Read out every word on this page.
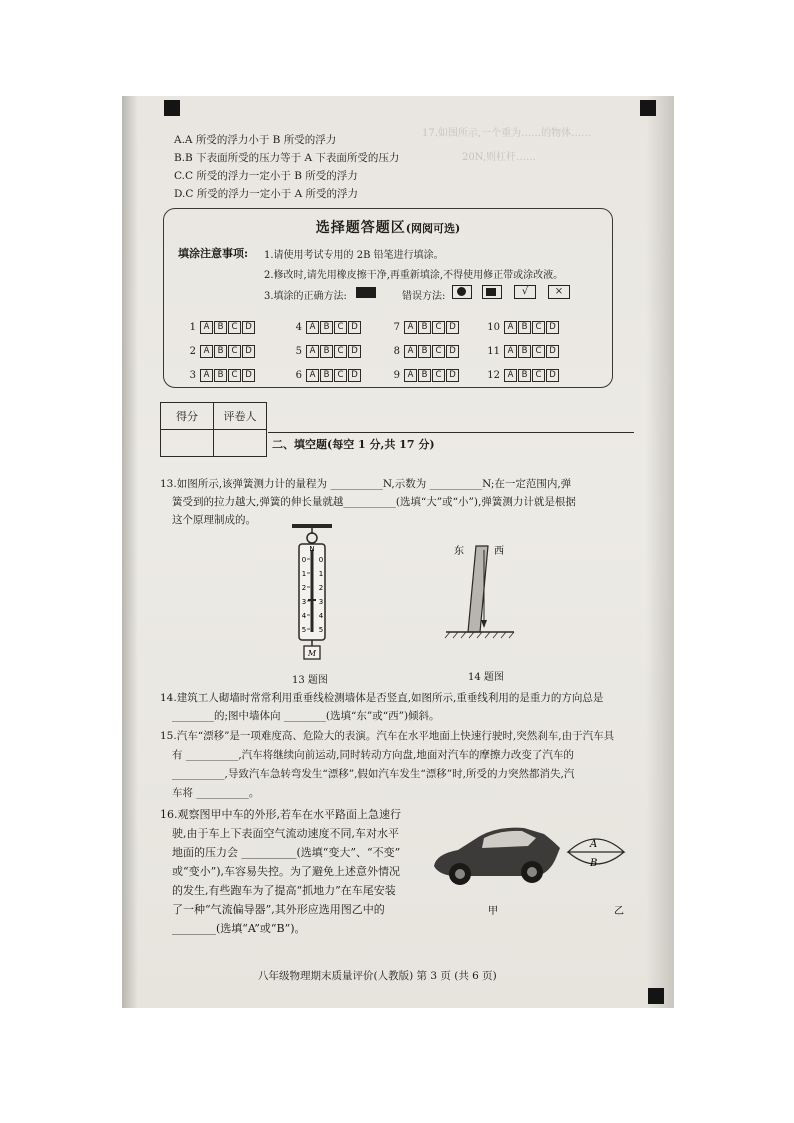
17.如图所示,一个重为……的物体……
20N,则杠杆……
A.A 所受的浮力小于 B 所受的浮力
B.B 下表面所受的压力等于 A 下表面所受的压力
C.C 所受的浮力一定小于 B 所受的浮力
D.C 所受的浮力一定小于 A 所受的浮力
选择题答题区(网阅可选)
填涂注意事项: 1.请使用考试专用的 2B 铅笔进行填涂。
2.修改时,请先用橡皮擦干净,再重新填涂,不得使用修正带或涂改液。
3.填涂的正确方法:	错误方法:	√	×
1 A B C D
2 A B C D
3 A B C D
4 A B C D
5 A B C D
6 A B C D
7 A B C D
8 A B C D
9 A B C D
10 A B C D
11 A B C D
12 A B C D
得分	评卷人

二、填空题(每空 1 分,共 17 分)
13.如图所示,该弹簧测力计的量程为 __________N,示数为 __________N;在一定范围内,弹
簧受到的拉力越大,弹簧的伸长量就越__________(选填“大”或“小”),弹簧测力计就是根据
这个原理制成的。
N
0 0
1 1
2 2
3 3
4 4
5 5
M
13 题图
东	西
14 题图
14.建筑工人砌墙时常常利用重垂线检测墙体是否竖直,如图所示,重垂线利用的是重力的方向总是
________的;图中墙体向 ________(选填“东”或“西”)倾斜。
15.汽车“漂移”是一项难度高、危险大的表演。汽车在水平地面上快速行驶时,突然刹车,由于汽车具
有 __________,汽车将继续向前运动,同时转动方向盘,地面对汽车的摩擦力改变了汽车的
__________,导致汽车急转弯发生“漂移”,假如汽车发生“漂移”时,所受的力突然都消失,汽
车将 __________。
16.观察图甲中车的外形,若车在水平路面上急速行
驶,由于车上下表面空气流动速度不同,车对水平
地面的压力会 __________(选填“变大”、“不变”
或“变小”),车容易失控。为了避免上述意外情况
的发生,有些跑车为了提高“抓地力”在车尾安装
了一种“气流偏导器”,其外形应选用图乙中的
________(选填“A”或“B”)。
A
B
甲	乙
八年级物理期末质量评价(人教版) 第 3 页 (共 6 页)
